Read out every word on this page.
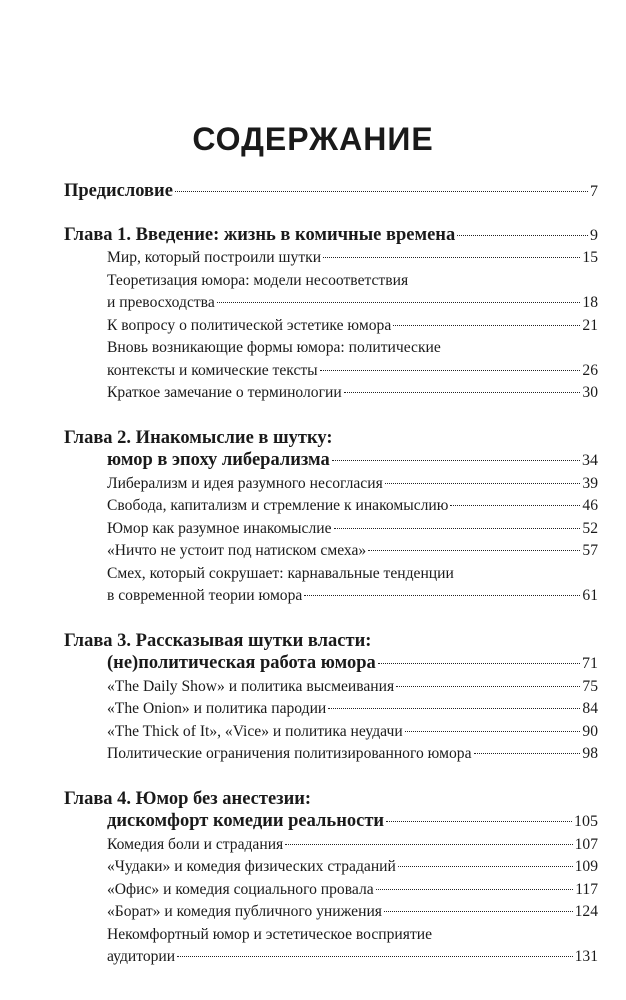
СОДЕРЖАНИЕ
Предисловие	7
Глава 1. Введение: жизнь в комичные времена	9
Мир, который построили шутки	15
Теоретизация юмора: модели несоответствия
и превосходства	18
К вопросу о политической эстетике юмора	21
Вновь возникающие формы юмора: политические
контексты и комические тексты	26
Краткое замечание о терминологии	30
Глава 2. Инакомыслие в шутку:
юмор в эпоху либерализма	34
Либерализм и идея разумного несогласия	39
Свобода, капитализм и стремление к инакомыслию	46
Юмор как разумное инакомыслие	52
«Ничто не устоит под натиском смеха»	57
Смех, который сокрушает: карнавальные тенденции
в современной теории юмора	61
Глава 3. Рассказывая шутки власти:
(не)политическая работа юмора	71
«The Daily Show» и политика высмеивания	75
«The Onion» и политика пародии	84
«The Thick of It», «Vice» и политика неудачи	90
Политические ограничения политизированного юмора	98
Глава 4. Юмор без анестезии:
дискомфорт комедии реальности	105
Комедия боли и страдания	107
«Чудаки» и комедия физических страданий	109
«Офис» и комедия социального провала	117
«Борат» и комедия публичного унижения	124
Некомфортный юмор и эстетическое восприятие
аудитории	131
